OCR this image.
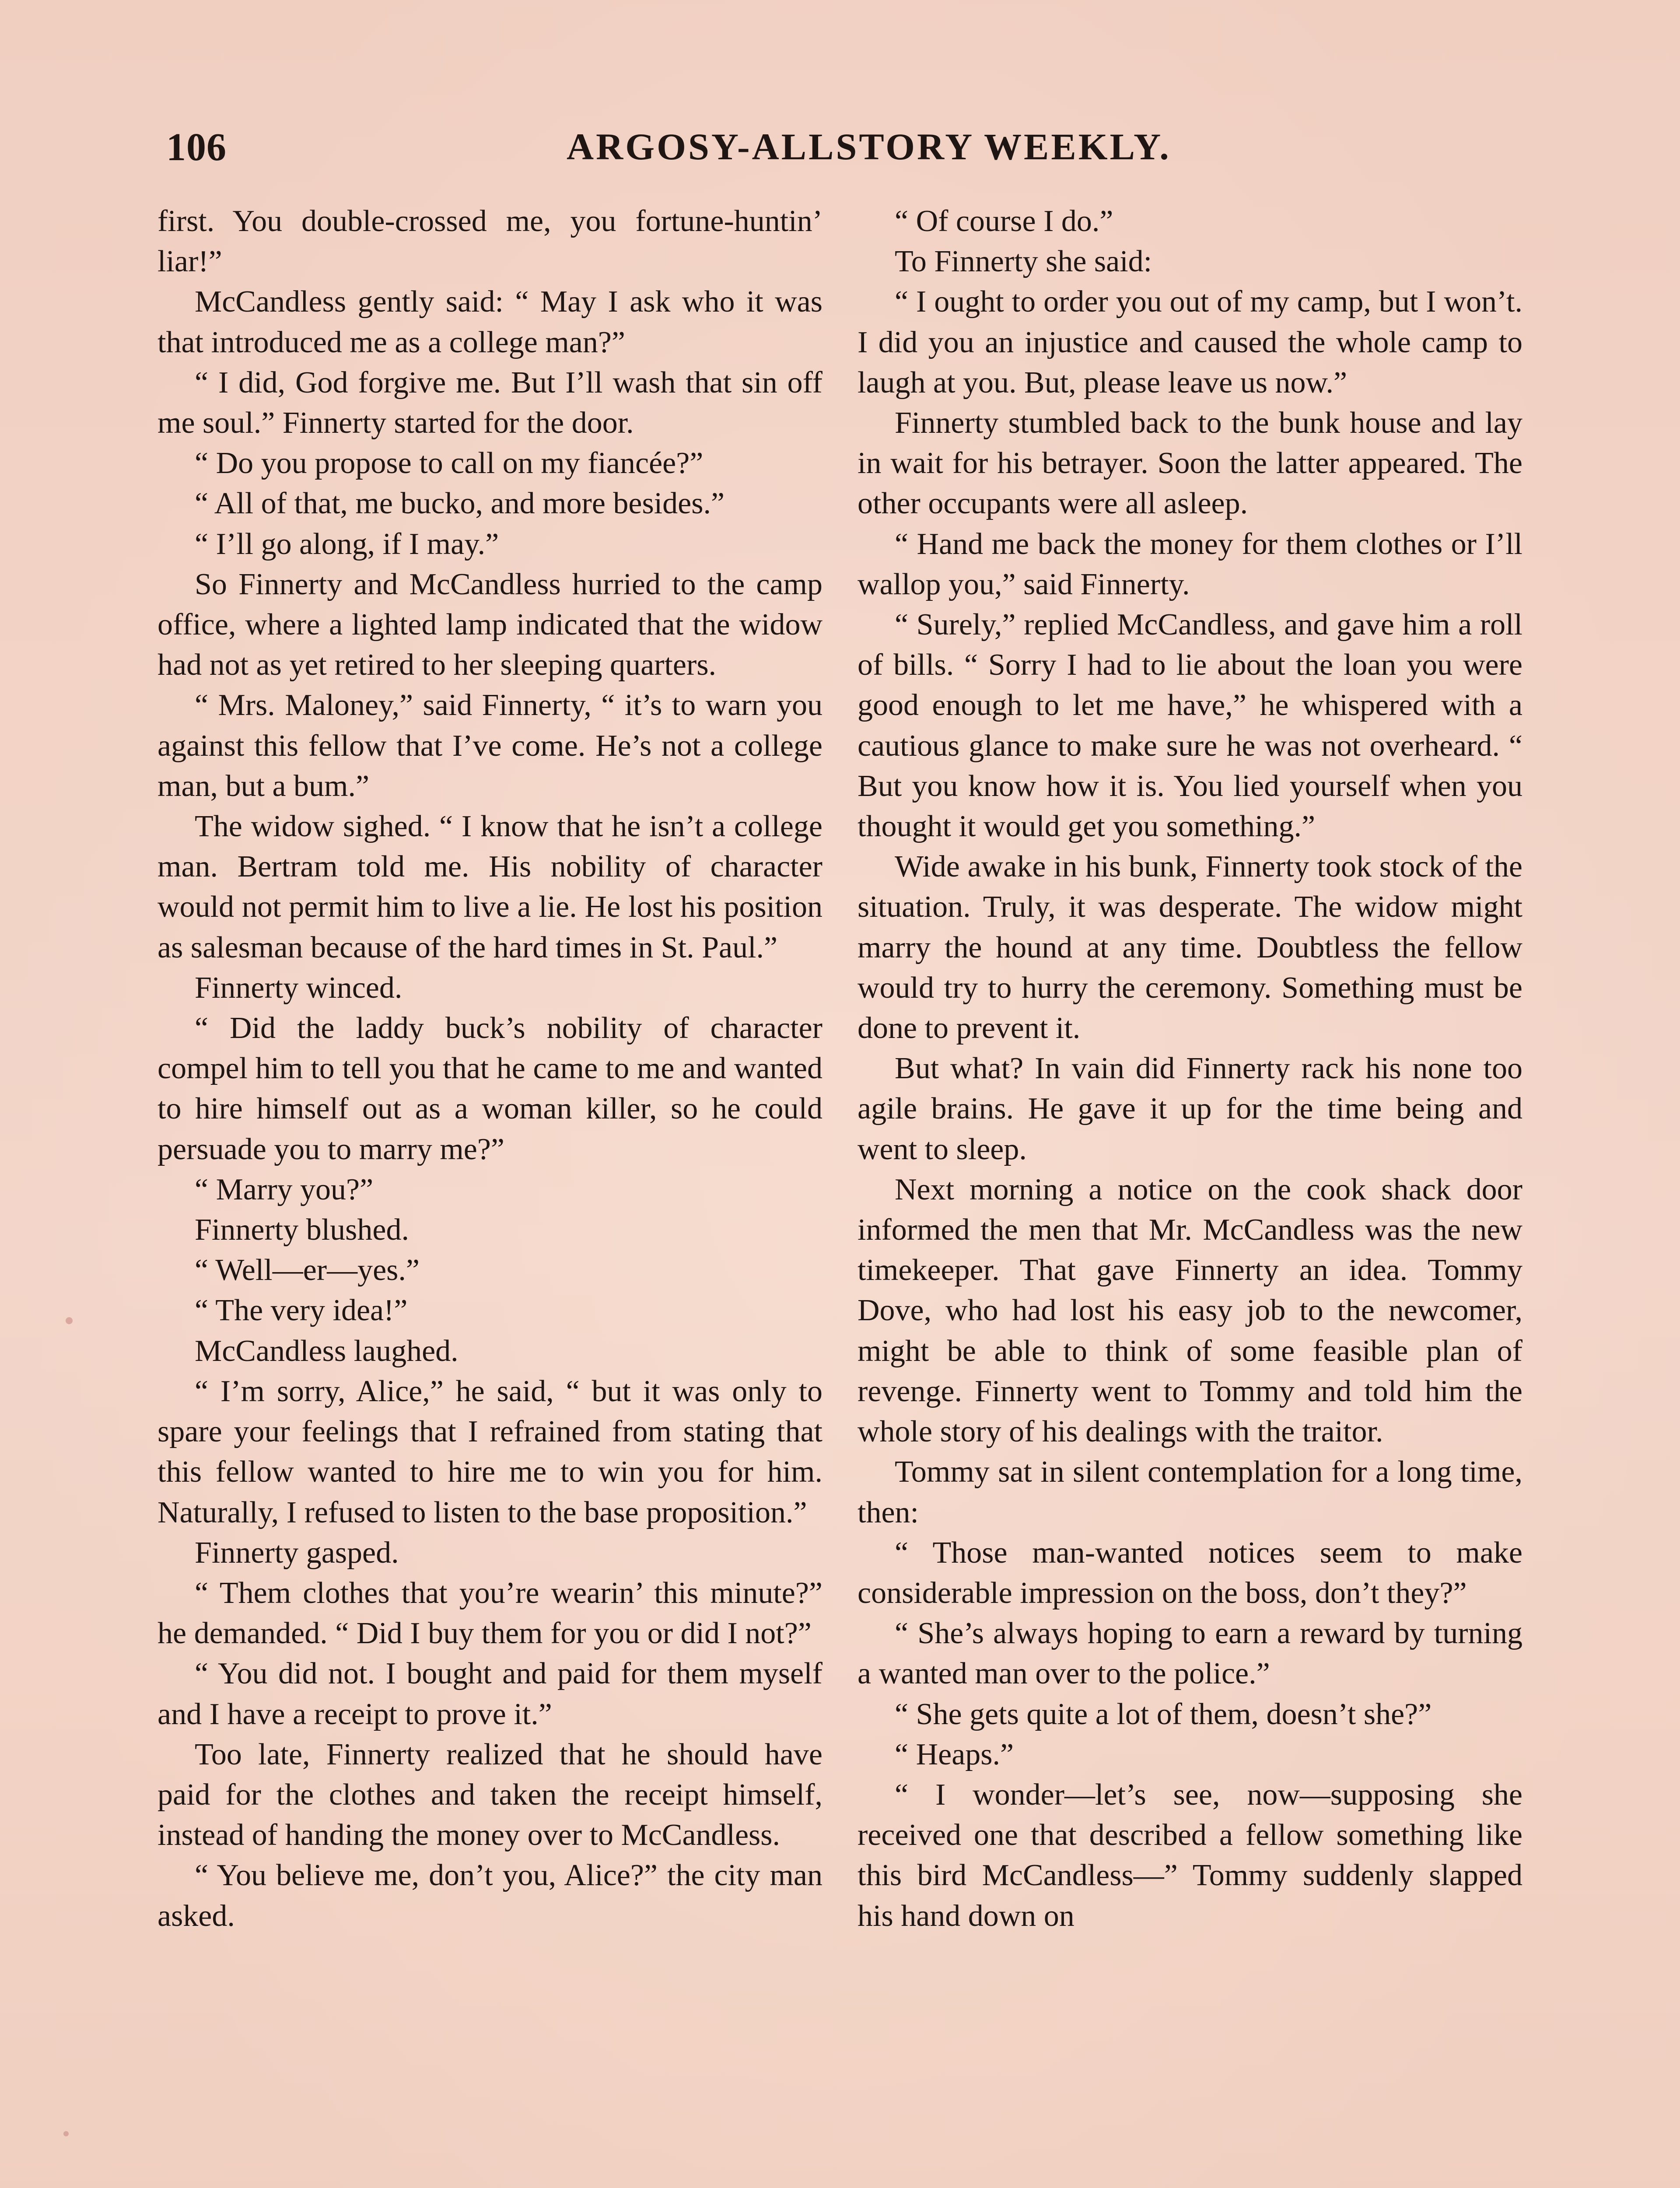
106	ARGOSY-ALLSTORY WEEKLY.

first. You double-crossed me, you fortune-huntin’ liar!”

McCandless gently said: “ May I ask who it was that introduced me as a college man?”

“ I did, God forgive me. But I’ll wash that sin off me soul.” Finnerty started for the door.

“ Do you propose to call on my fiancée?”

“ All of that, me bucko, and more besides.”

“ I’ll go along, if I may.”

So Finnerty and McCandless hurried to the camp office, where a lighted lamp indicated that the widow had not as yet retired to her sleeping quarters.

“ Mrs. Maloney,” said Finnerty, “ it’s to warn you against this fellow that I’ve come. He’s not a college man, but a bum.”

The widow sighed. “ I know that he isn’t a college man. Bertram told me. His nobility of character would not permit him to live a lie. He lost his position as salesman because of the hard times in St. Paul.”

Finnerty winced.

“ Did the laddy buck’s nobility of character compel him to tell you that he came to me and wanted to hire himself out as a woman killer, so he could persuade you to marry me?”

“ Marry you?”

Finnerty blushed.

“ Well—er—yes.”

“ The very idea!”

McCandless laughed.

“ I’m sorry, Alice,” he said, “ but it was only to spare your feelings that I refrained from stating that this fellow wanted to hire me to win you for him. Naturally, I refused to listen to the base proposition.”

Finnerty gasped.

“ Them clothes that you’re wearin’ this minute?” he demanded. “ Did I buy them for you or did I not?”

“ You did not. I bought and paid for them myself and I have a receipt to prove it.”

Too late, Finnerty realized that he should have paid for the clothes and taken the receipt himself, instead of handing the money over to McCandless.

“ You believe me, don’t you, Alice?” the city man asked.

“ Of course I do.”

To Finnerty she said:

“ I ought to order you out of my camp, but I won’t. I did you an injustice and caused the whole camp to laugh at you. But, please leave us now.”

Finnerty stumbled back to the bunk house and lay in wait for his betrayer. Soon the latter appeared. The other occupants were all asleep.

“ Hand me back the money for them clothes or I’ll wallop you,” said Finnerty.

“ Surely,” replied McCandless, and gave him a roll of bills. “ Sorry I had to lie about the loan you were good enough to let me have,” he whispered with a cautious glance to make sure he was not overheard. “ But you know how it is. You lied yourself when you thought it would get you something.”

Wide awake in his bunk, Finnerty took stock of the situation. Truly, it was desperate. The widow might marry the hound at any time. Doubtless the fellow would try to hurry the ceremony. Something must be done to prevent it.

But what? In vain did Finnerty rack his none too agile brains. He gave it up for the time being and went to sleep.

Next morning a notice on the cook shack door informed the men that Mr. McCandless was the new timekeeper. That gave Finnerty an idea. Tommy Dove, who had lost his easy job to the newcomer, might be able to think of some feasible plan of revenge. Finnerty went to Tommy and told him the whole story of his dealings with the traitor.

Tommy sat in silent contemplation for a long time, then:

“ Those man-wanted notices seem to make considerable impression on the boss, don’t they?”

“ She’s always hoping to earn a reward by turning a wanted man over to the police.”

“ She gets quite a lot of them, doesn’t she?”

“ Heaps.”

“ I wonder—let’s see, now—supposing she received one that described a fellow something like this bird McCandless—” Tommy suddenly slapped his hand down on
